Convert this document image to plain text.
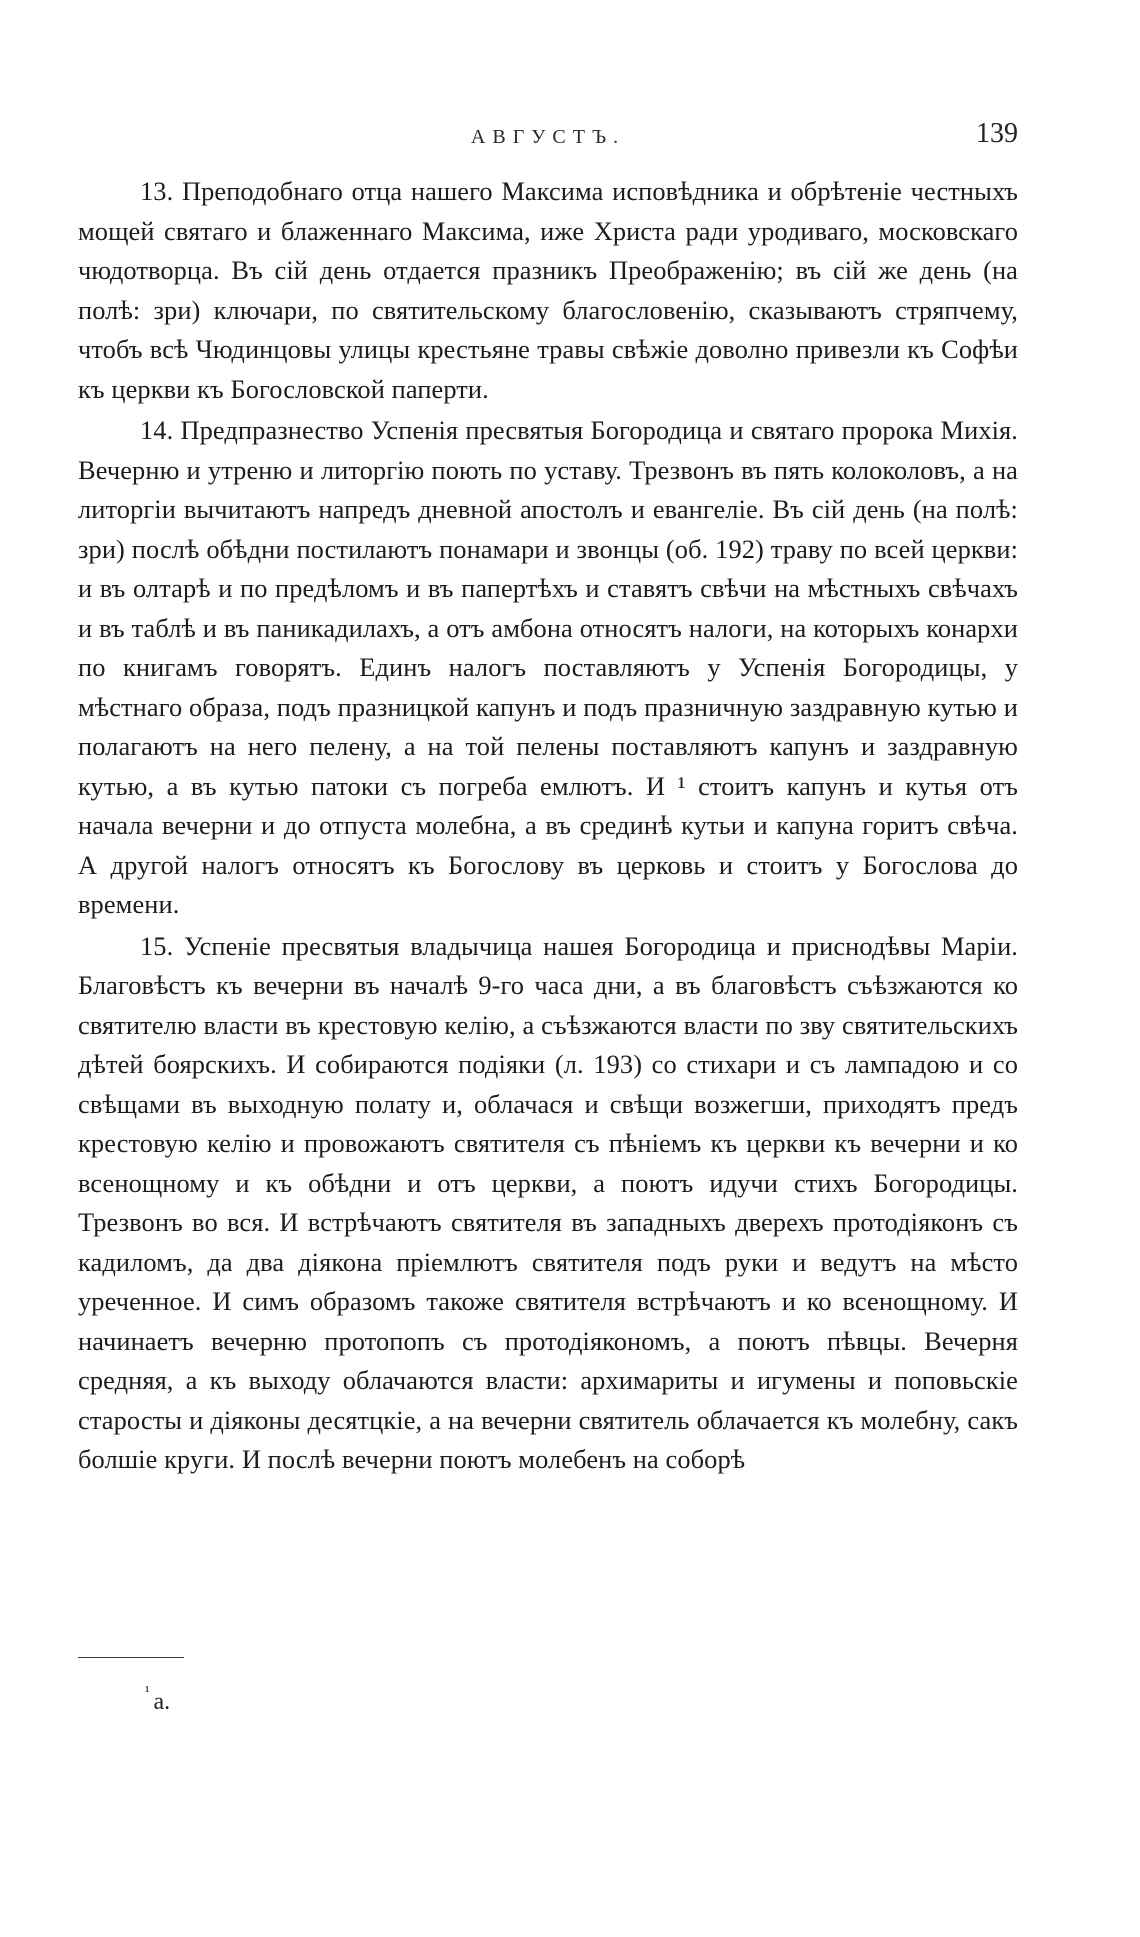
АВГУСТЪ.	139

13. Преподобнаго отца нашего Максима исповѣдника и обрѣтеніе честныхъ мощей святаго и блаженнаго Максима, иже Христа ради уродиваго, московскаго чюдотворца. Въ сій день отдается празникъ Преображенію; въ сій же день (на полѣ: зри) ключари, по святительскому благословенію, сказываютъ стряпчему, чтобъ всѣ Чюдинцовы улицы крестьяне травы свѣжіе доволно привезли къ Софѣи къ церкви къ Богословской паперти.

14. Предпразнество Успенія пресвятыя Богородица и святаго пророка Михія. Вечерню и утреню и литоргію поють по уставу. Трезвонъ въ пять колоколовъ, а на литоргіи вычитаютъ напредъ дневной апостолъ и евангеліе. Въ сій день (на полѣ: зри) послѣ обѣдни постилаютъ понамари и звонцы (об. 192) траву по всей церкви: и въ олтарѣ и по предѣломъ и въ папертѣхъ и ставятъ свѣчи на мѣстныхъ свѣчахъ и въ таблѣ и въ паникадилахъ, а отъ амбона относятъ налоги, на которыхъ конархи по книгамъ говорятъ. Единъ налогъ поставляютъ у Успенія Богородицы, у мѣстнаго образа, подъ празницкой капунъ и подъ празничную заздравную кутью и полагаютъ на него пелену, а на той пелены поставляютъ капунъ и заздравную кутью, а въ кутью патоки съ погреба емлютъ. И ¹ стоитъ капунъ и кутья отъ начала вечерни и до отпуста молебна, а въ срединѣ кутьи и капуна горитъ свѣча. А другой налогъ относятъ къ Богослову въ церковь и стоитъ у Богослова до времени.

15. Успеніе пресвятыя владычица нашея Богородица и приснодѣвы Маріи. Благовѣстъ къ вечерни въ началѣ 9-го часа дни, а въ благовѣстъ съѣзжаются ко святителю власти въ крестовую келію, а съѣзжаются власти по зву святительскихъ дѣтей боярскихъ. И собираются подіяки (л. 193) со стихари и съ лампадою и со свѣщами въ выходную полату и, облачася и свѣщи возжегши, приходятъ предъ крестовую келію и провожаютъ святителя съ пѣніемъ къ церкви къ вечерни и ко всенощному и къ обѣдни и отъ церкви, а поютъ идучи стихъ Богородицы. Трезвонъ во вся. И встрѣчаютъ святителя въ западныхъ дверехъ протодіяконъ съ кадиломъ, да два діякона пріемлютъ святителя подъ руки и ведутъ на мѣсто уреченное. И симъ образомъ такоже святителя встрѣчаютъ и ко всенощному. И начинаетъ вечерню протопопъ съ протодіякономъ, а поютъ пѣвцы. Вечерня средняя, а къ выходу облачаются власти: архимариты и игумены и поповьскіе старосты и діяконы десятцкіе, а на вечерни святитель облачается къ молебну, сакъ болшіе круги. И послѣ вечерни поютъ молебенъ на соборѣ

$^{^1}$ а.
